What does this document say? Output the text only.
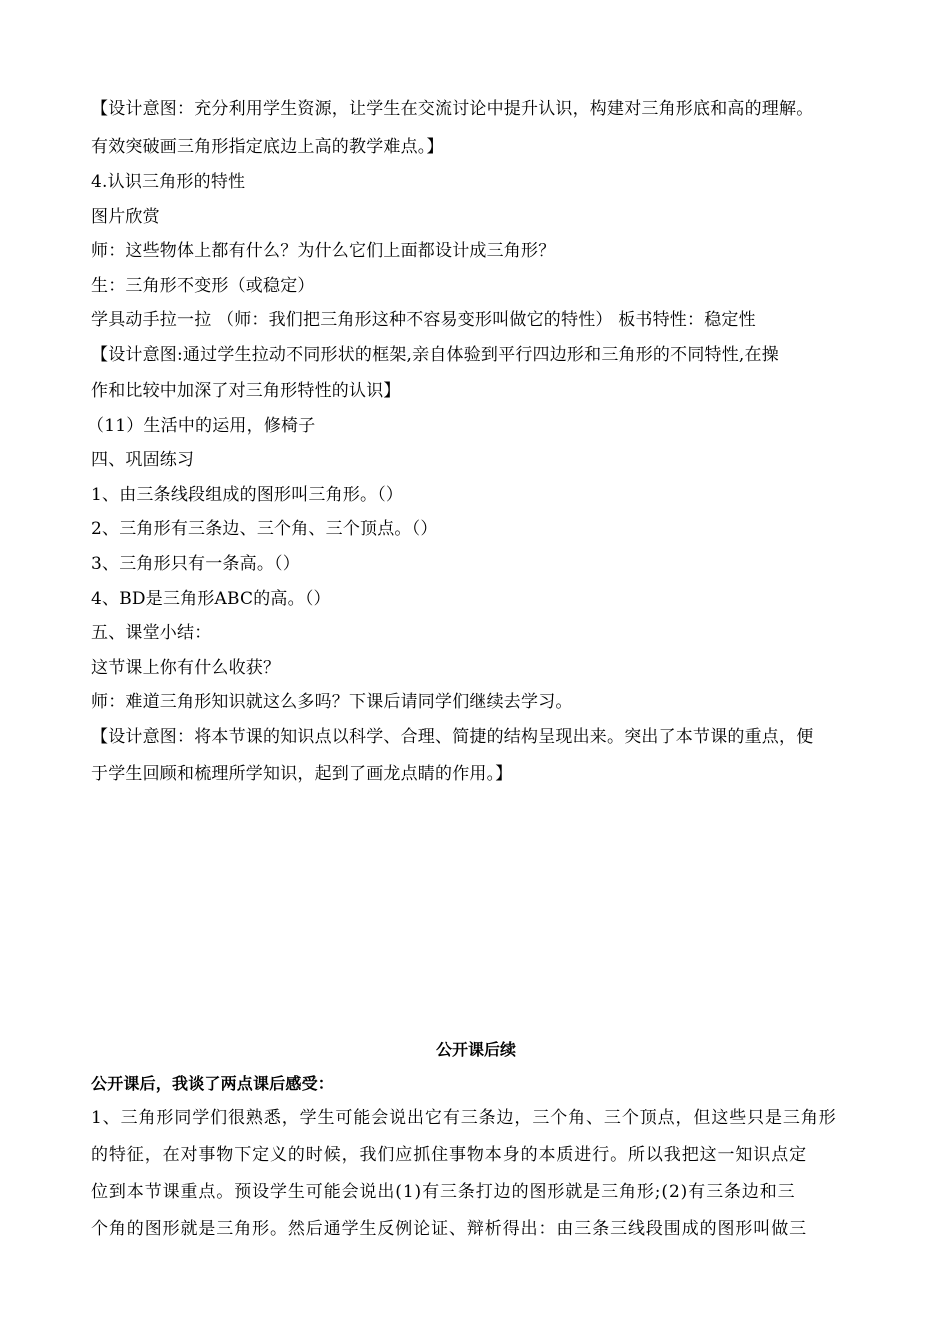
【设计意图：充分利用学生资源，让学生在交流讨论中提升认识，构建对三角形底和高的理解。
有效突破画三角形指定底边上高的教学难点。】
4.认识三角形的特性
图片欣赏
师：这些物体上都有什么？为什么它们上面都设计成三角形？
生：三角形不变形（或稳定）
学具动手拉一拉 （师：我们把三角形这种不容易变形叫做它的特性） 板书特性：稳定性
【设计意图:通过学生拉动不同形状的框架,亲自体验到平行四边形和三角形的不同特性,在操
作和比较中加深了对三角形特性的认识】
（11）生活中的运用，修椅子
四、巩固练习
1、由三条线段组成的图形叫三角形。（）
2、三角形有三条边、三个角、三个顶点。（）
3、三角形只有一条高。（）
4、BD是三角形ABC的高。（）
五、课堂小结：
这节课上你有什么收获？
师：难道三角形知识就这么多吗？下课后请同学们继续去学习。
【设计意图：将本节课的知识点以科学、合理、简捷的结构呈现出来。突出了本节课的重点，便
于学生回顾和梳理所学知识，起到了画龙点睛的作用。】
公开课后续
公开课后，我谈了两点课后感受：
1、三角形同学们很熟悉，学生可能会说出它有三条边，三个角、三个顶点，但这些只是三角形
的特征，在对事物下定义的时候，我们应抓住事物本身的本质进行。所以我把这一知识点定
位到本节课重点。预设学生可能会说出(1)有三条打边的图形就是三角形;(2)有三条边和三
个角的图形就是三角形。然后通学生反例论证、辩析得出：由三条三线段围成的图形叫做三
